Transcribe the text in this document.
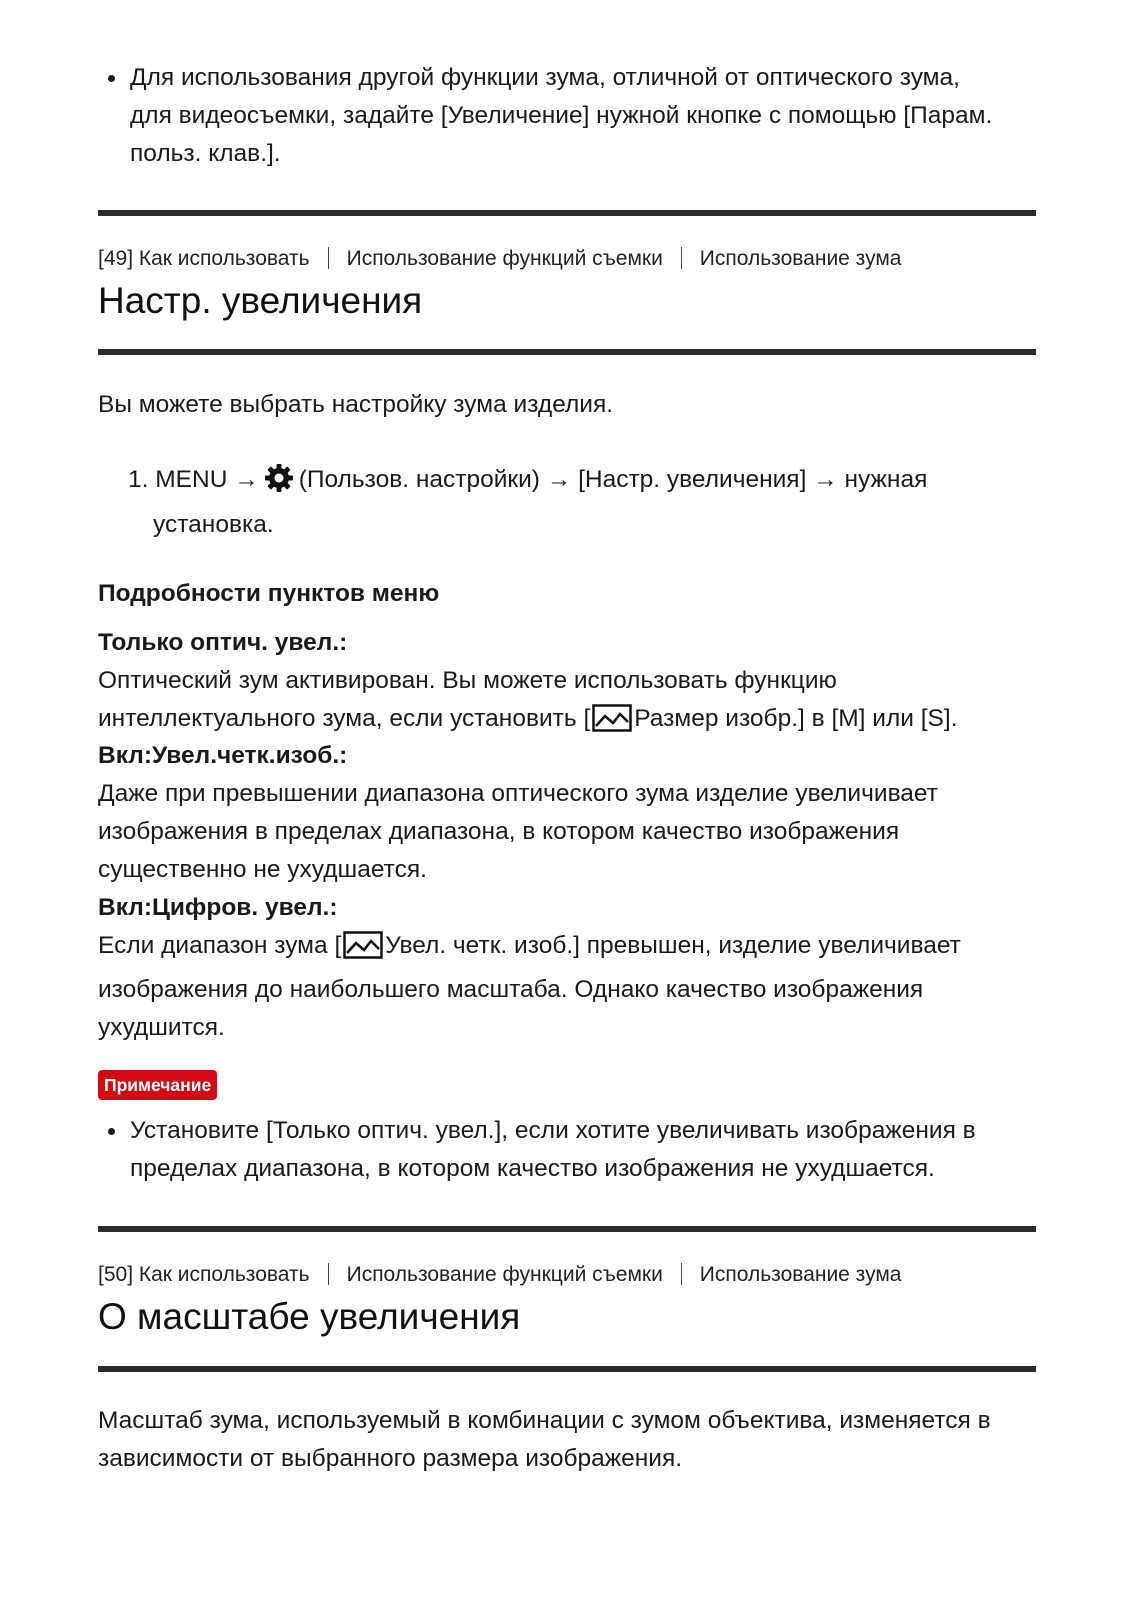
Для использования другой функции зума, отличной от оптического зума,
для видеосъемки, задайте [Увеличение] нужной кнопке с помощью [Парам.
польз. клав.].
[49] Как использовать Использование функций съемки Использование зума
Настр. увеличения
Вы можете выбрать настройку зума изделия.
1. MENU → (Пользов. настройки) → [Настр. увеличения] → нужная
установка.
Подробности пунктов меню
Только оптич. увел.:
Оптический зум активирован. Вы можете использовать функцию
интеллектуального зума, если установить [ Размер изобр.] в [M] или [S].
Вкл:Увел.четк.изоб.:
Даже при превышении диапазона оптического зума изделие увеличивает
изображения в пределах диапазона, в котором качество изображения
существенно не ухудшается.
Вкл:Цифров. увел.:
Если диапазон зума [ Увел. четк. изоб.] превышен, изделие увеличивает
изображения до наибольшего масштаба. Однако качество изображения
ухудшится.
Примечание
Установите [Только оптич. увел.], если хотите увеличивать изображения в
пределах диапазона, в котором качество изображения не ухудшается.
[50] Как использовать Использование функций съемки Использование зума
О масштабе увеличения
Масштаб зума, используемый в комбинации с зумом объектива, изменяется в
зависимости от выбранного размера изображения.
